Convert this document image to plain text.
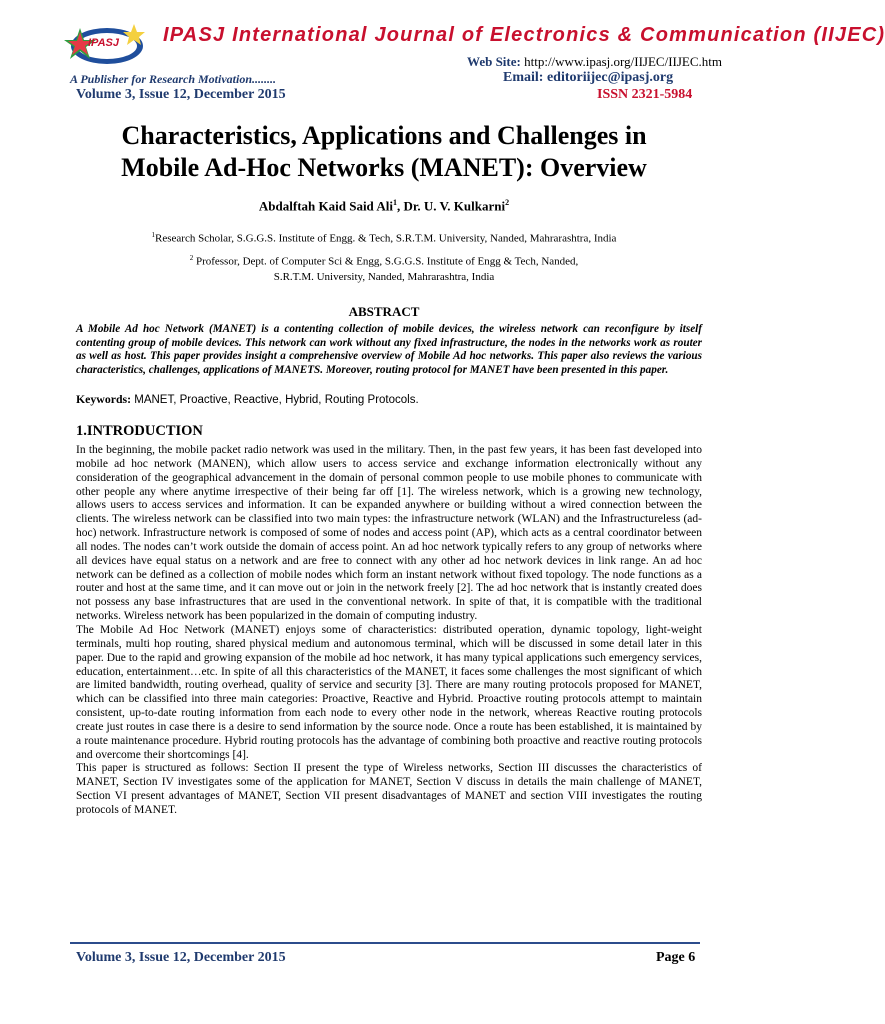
IPASJ IPASJ International Journal of Electronics & Communication (IIJEC)
Web Site: http://www.ipasj.org/IIJEC/IIJEC.htm
A Publisher for Research Motivation........	Email: editoriijec@ipasj.org
Volume 3, Issue 12, December 2015	ISSN 2321-5984
Characteristics, Applications and Challenges in
Mobile Ad-Hoc Networks (MANET): Overview
Abdalftah Kaid Said Ali$^1$, Dr. U. V. Kulkarni$^2$
$^1$Research Scholar, S.G.G.S. Institute of Engg. & Tech, S.R.T.M. University, Nanded, Mahrarashtra, India
$^2$ Professor, Dept. of Computer Sci & Engg, S.G.G.S. Institute of Engg & Tech, Nanded,
S.R.T.M. University, Nanded, Mahrarashtra, India
ABSTRACT
A Mobile Ad hoc Network (MANET) is a contenting collection of mobile devices, the wireless network can reconfigure by itself contenting group of mobile devices. This network can work without any fixed infrastructure, the nodes in the networks work as router as well as host. This paper provides insight a comprehensive overview of Mobile Ad hoc networks. This paper also reviews the various characteristics, challenges, applications of MANETS. Moreover, routing protocol for MANET have been presented in this paper.
Keywords: MANET, Proactive, Reactive, Hybrid, Routing Protocols.
1.INTRODUCTION

In the beginning, the mobile packet radio network was used in the military. Then, in the past few years, it has been fast developed into mobile ad hoc network (MANEN), which allow users to access service and exchange information electronically without any consideration of the geographical advancement in the domain of personal common people to use mobile phones to communicate with other people any where anytime irrespective of their being far off [1]. The wireless network, which is a growing new technology, allows users to access services and information. It can be expanded anywhere or building without a wired connection between the clients. The wireless network can be classified into two main types: the infrastructure network (WLAN) and the Infrastructureless (ad-hoc) network. Infrastructure network is composed of some of nodes and access point (AP), which acts as a central coordinator between all nodes. The nodes can’t work outside the domain of access point. An ad hoc network typically refers to any group of networks where all devices have equal status on a network and are free to connect with any other ad hoc network devices in link range. An ad hoc network can be defined as a collection of mobile nodes which form an instant network without fixed topology. The node functions as a router and host at the same time, and it can move out or join in the network freely [2]. The ad hoc network that is instantly created does not possess any base infrastructures that are used in the conventional network. In spite of that, it is compatible with the traditional networks. Wireless network has been popularized in the domain of computing industry.

The Mobile Ad Hoc Network (MANET) enjoys some of characteristics: distributed operation, dynamic topology, light-weight terminals, multi hop routing, shared physical medium and autonomous terminal, which will be discussed in some detail later in this paper. Due to the rapid and growing expansion of the mobile ad hoc network, it has many typical applications such emergency services, education, entertainment…etc. In spite of all this characteristics of the MANET, it faces some challenges the most significant of which are limited bandwidth, routing overhead, quality of service and security [3]. There are many routing protocols proposed for MANET, which can be classified into three main categories: Proactive, Reactive and Hybrid. Proactive routing protocols attempt to maintain consistent, up-to-date routing information from each node to every other node in the network, whereas Reactive routing protocols create just routes in case there is a desire to send information by the source node. Once a route has been established, it is maintained by a route maintenance procedure. Hybrid routing protocols has the advantage of combining both proactive and reactive routing protocols and overcome their shortcomings [4].

This paper is structured as follows: Section II present the type of Wireless networks, Section III discusses the characteristics of MANET, Section IV investigates some of the application for MANET, Section V discuss in details the main challenge of MANET, Section VI present advantages of MANET, Section VII present disadvantages of MANET and section VIII investigates the routing protocols of MANET.

Volume 3, Issue 12, December 2015	Page 6
